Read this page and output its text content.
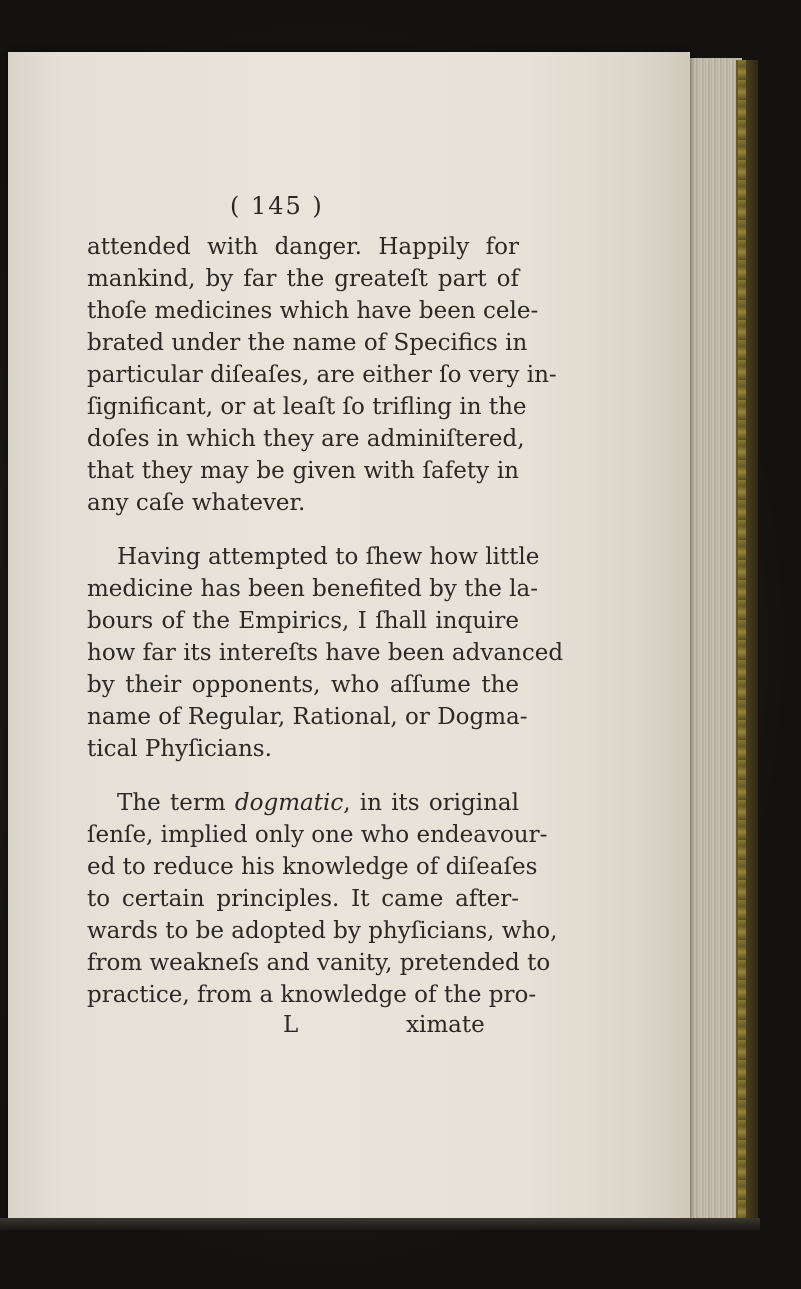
( 145 )
attended with danger. Happily for
mankind, by far the greateſt part of
thoſe medicines which have been cele-
brated under the name of Specifics in
particular diſeaſes, are either ſo very in-
ſignificant, or at leaſt ſo trifling in the
doſes in which they are adminiſtered,
that they may be given with ſafety in
any caſe whatever.
Having attempted to ſhew how little
medicine has been benefited by the la-
bours of the Empirics, I ſhall inquire
how far its intereſts have been advanced
by their opponents, who aſſume the
name of Regular, Rational, or Dogma-
tical Phyſicians.
The term dogmatic, in its original
ſenſe, implied only one who endeavour-
ed to reduce his knowledge of diſeaſes
to certain principles. It came after-
wards to be adopted by phyſicians, who,
from weakneſs and vanity, pretended to
practice, from a knowledge of the pro-
L	ximate
